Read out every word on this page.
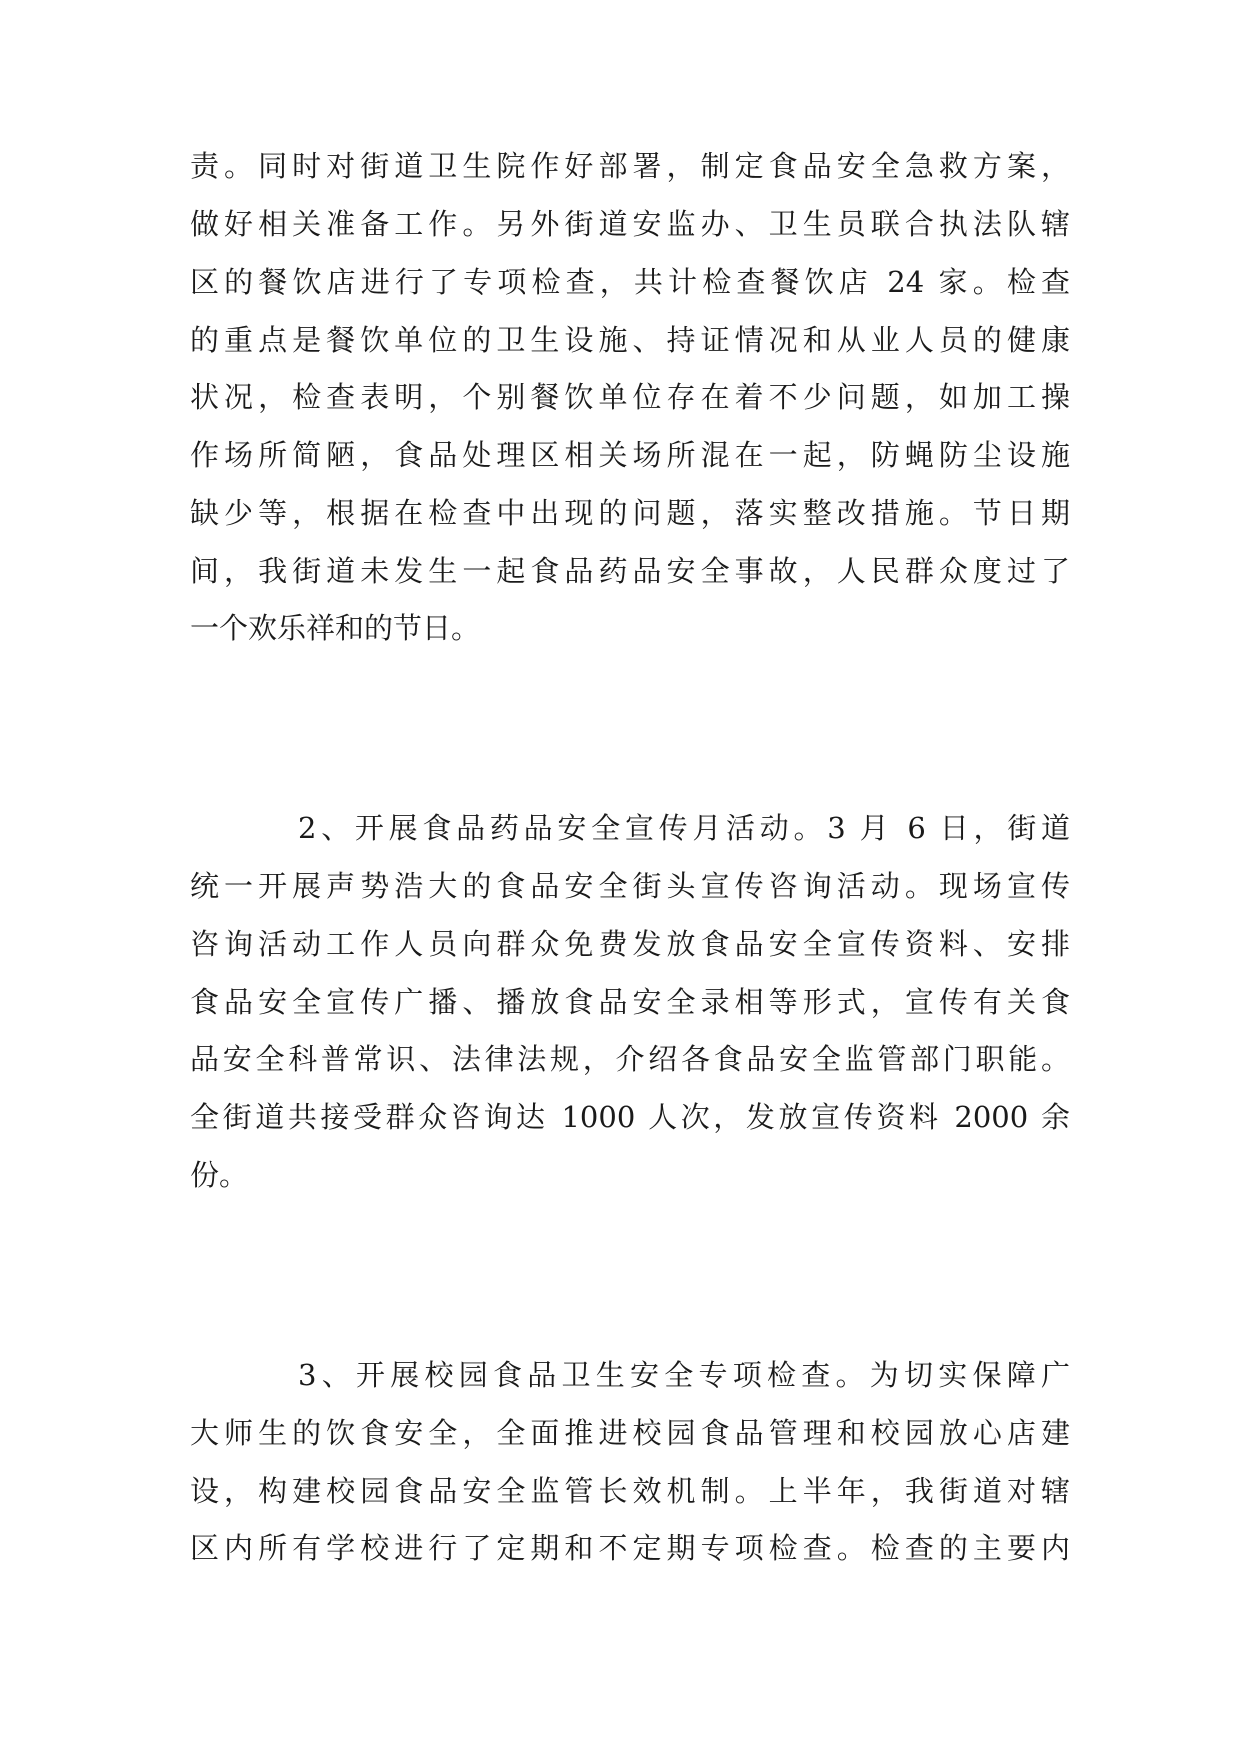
责。同时对街道卫生院作好部署，制定食品安全急救方案，

做好相关准备工作。另外街道安监办、卫生员联合执法队辖

区的餐饮店进行了专项检查，共计检查餐饮店 24 家。检查

的重点是餐饮单位的卫生设施、持证情况和从业人员的健康

状况，检查表明，个别餐饮单位存在着不少问题，如加工操

作场所简陋，食品处理区相关场所混在一起，防蝇防尘设施

缺少等，根据在检查中出现的问题，落实整改措施。节日期

间，我街道未发生一起食品药品安全事故，人民群众度过了

一个欢乐祥和的节日。

2、开展食品药品安全宣传月活动。3 月 6 日，街道

统一开展声势浩大的食品安全街头宣传咨询活动。现场宣传

咨询活动工作人员向群众免费发放食品安全宣传资料、安排

食品安全宣传广播、播放食品安全录相等形式，宣传有关食

品安全科普常识、法律法规，介绍各食品安全监管部门职能。

全街道共接受群众咨询达 1000 人次，发放宣传资料 2000 余

份。

3、开展校园食品卫生安全专项检查。为切实保障广

大师生的饮食安全，全面推进校园食品管理和校园放心店建

设，构建校园食品安全监管长效机制。上半年，我街道对辖

区内所有学校进行了定期和不定期专项检查。检查的主要内
